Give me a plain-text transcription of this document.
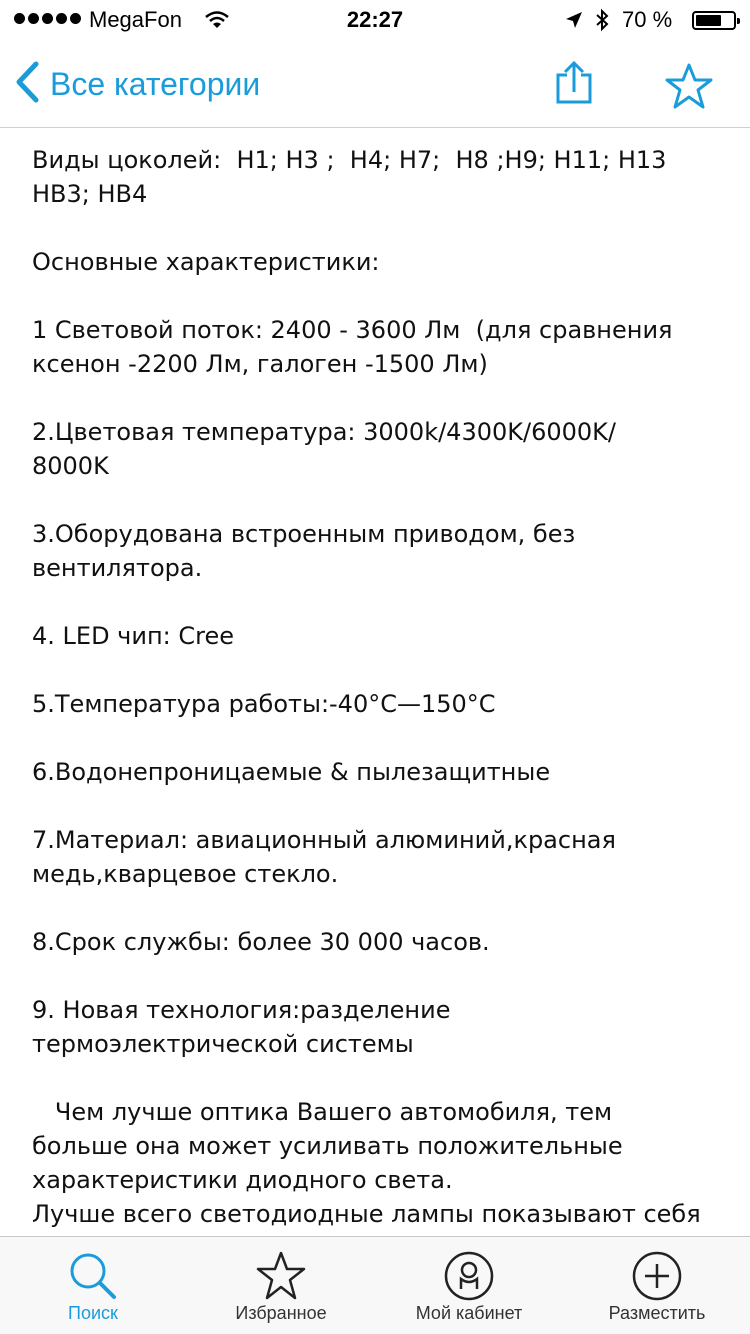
MegaFon	22:27	70 %
Все категории
Виды цоколей:  H1; H3 ;  H4; H7;  H8 ;H9; H11; H13
HB3; HB4
Основные характеристики:
1 Световой поток: 2400 - 3600 Лм  (для сравнения
ксенон -2200 Лм, галоген -1500 Лм)
2.Цветовая температура: 3000k/4300K/6000K/
8000K
3.Оборудована встроенным приводом, без
вентилятора.
4. LED чип: Cree
5.Температура работы:-40°C—150°C
6.Водонепроницаемые & пылезащитные
7.Материал: авиационный алюминий,красная
медь,кварцевое стекло.
8.Срок службы: более 30 000 часов.
9. Новая технология:разделение
термоэлектрической системы
Чем лучше оптика Вашего автомобиля, тем
больше она может усиливать положительные
характеристики диодного света.
Лучше всего светодиодные лампы показывают себя
Поиск	Избранное	Мой кабинет	Разместить
